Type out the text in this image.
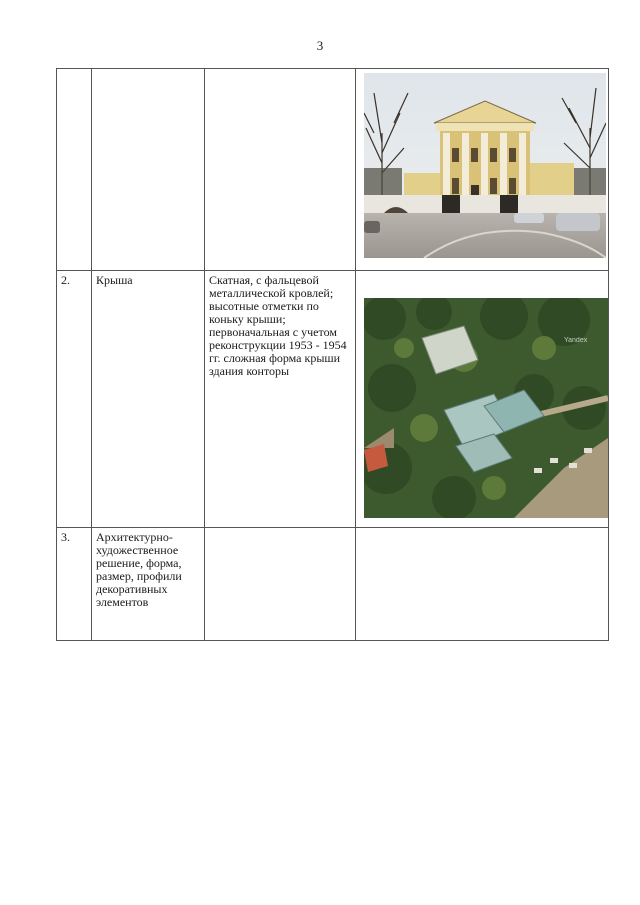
3

2.	Крыша	Скатная, с фальцевой металлической кровлей; высотные отметки по коньку крыши; первоначальная с учетом реконструкции 1953 - 1954 гг. сложная форма крыши здания конторы	Yandex

3.	Архитектурно-художественное решение, форма, размер, профили декоративных элементов		
